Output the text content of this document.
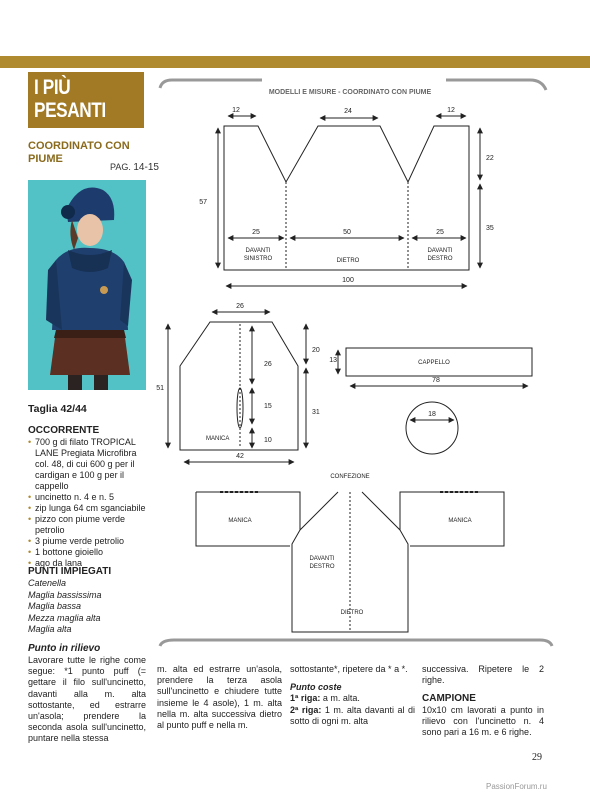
I PIÙ
PESANTI
COORDINATO CON PIUME
PAG. 14-15
Taglia 42/44
OCCORRENTE
• 700 g di filato TROPICAL LANE Pregiata Microfibra col. 48, di cui 600 g per il cardigan e 100 g per il cappello
• uncinetto n. 4 e n. 5
• zip lunga 64 cm sganciabile
• pizzo con piume verde petrolio
• 3 piume verde petrolio
• 1 bottone gioiello
• ago da lana
PUNTI IMPIEGATI
Catenella
Maglia bassissima
Maglia bassa
Mezza maglia alta
Maglia alta
Punto in rilievo
Lavorare tutte le righe come segue: *1 punto puff (= gettare il filo sull'uncinetto, davanti alla m. alta sottostante, ed estrarre un'asola; prendere la seconda asola sull'uncinetto, puntare nella stessa
m. alta ed estrarre un'asola, prendere la terza asola sull'uncinetto e chiudere tutte insieme le 4 asole), 1 m. alta nella m. alta successiva dietro al punto puff e nella m.
sottostante*, ripetere da * a *.
Punto coste
1ª riga: a m. alta.
2ª riga: 1 m. alta davanti al di sotto di ogni m. alta
successiva. Ripetere le 2 righe.
CAMPIONE
10x10 cm lavorati a punto in rilievo con l'uncinetto n. 4 sono pari a 16 m. e 6 righe.
MODELLI E MISURE - COORDINATO CON PIUME
12	24	12
22
57
35
25	50	25
100
DAVANTI
SINISTRO	DIETRO
DAVANTI
DESTRO
26
26
20
13	CAPPELLO
78
51
15
31
10
MANICA
42
18
CONFEZIONE
MANICA	MANICA
DAVANTI
DESTRO
DIETRO
29
PassionForum.ru
